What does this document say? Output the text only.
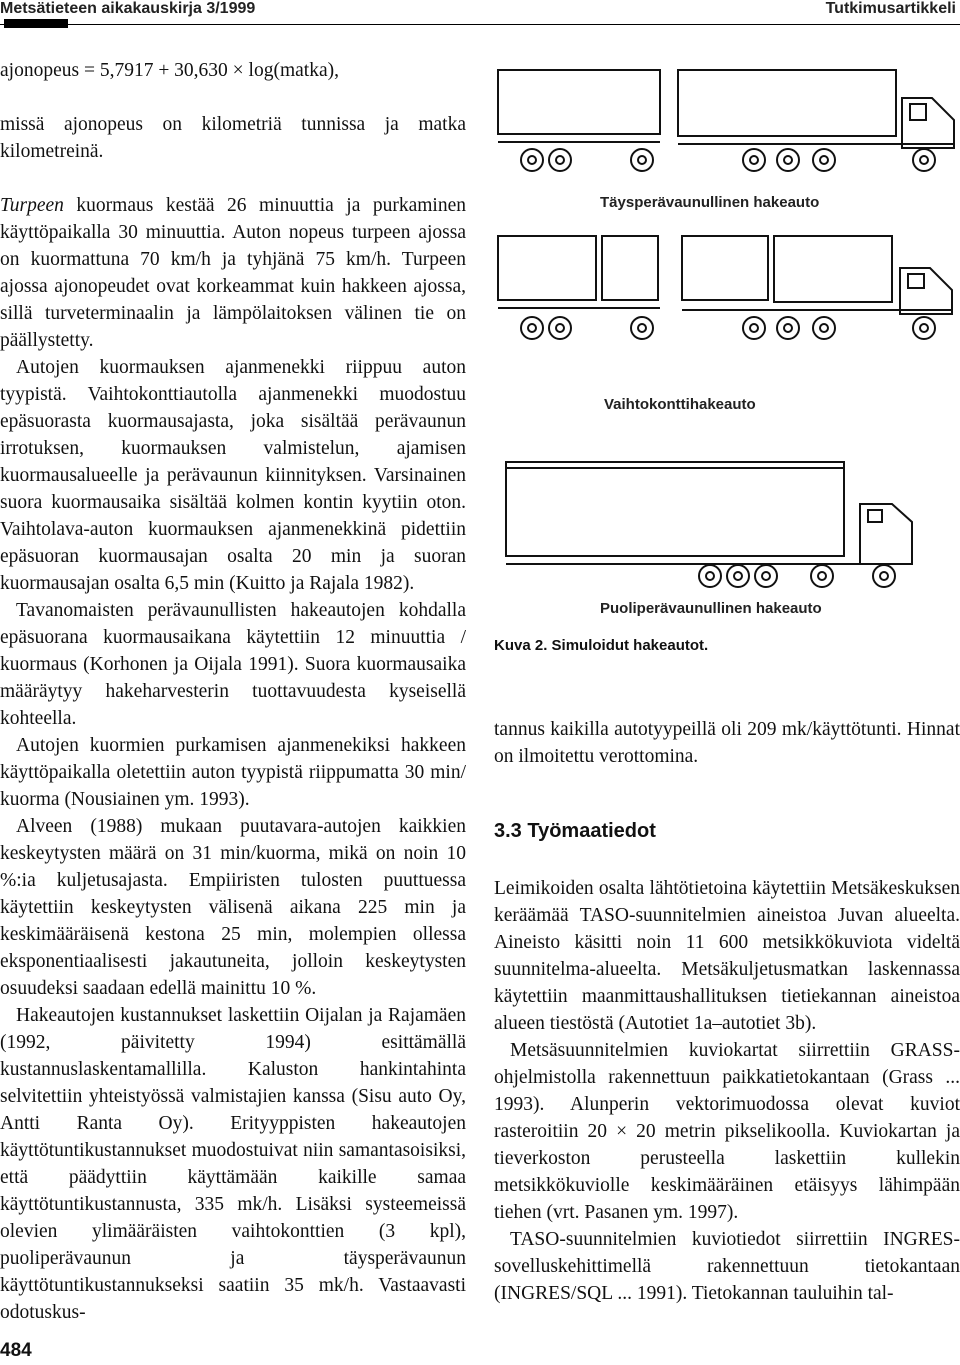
Metsätieteen aikakauskirja 3/1999	Tutkimusartikkeli

ajonopeus = 5,7917 + 30,630 × log(matka),

missä ajonopeus on kilometriä tunnissa ja matka kilometreinä.

Turpeen kuormaus kestää 26 minuuttia ja purkaminen käyttöpaikalla 30 minuuttia. Auton nopeus turpeen ajossa on kuormattuna 70 km/h ja tyhjänä 75 km/h. Turpeen ajossa ajonopeudet ovat korkeammat kuin hakkeen ajossa, sillä turveterminaalin ja lämpölaitoksen välinen tie on päällystetty.

Autojen kuormauksen ajanmenekki riippuu auton tyypistä. Vaihtokonttiautolla ajanmenekki muodostuu epäsuorasta kuormausajasta, joka sisältää perävaunun irrotuksen, kuormauksen valmistelun, ajamisen kuormausalueelle ja perävaunun kiinnityksen. Varsinainen suora kuormausaika sisältää kolmen kontin kyytiin oton. Vaihtolava-auton kuormauksen ajanmenekkinä pidettiin epäsuoran kuormausajan osalta 20 min ja suoran kuormausajan osalta 6,5 min (Kuitto ja Rajala 1982).

Tavanomaisten perävaunullisten hakeautojen kohdalla epäsuorana kuormausaikana käytettiin 12 minuuttia / kuormaus (Korhonen ja Oijala 1991). Suora kuormausaika määräytyy hakeharvesterin tuottavuudesta kyseisellä kohteella.

Autojen kuormien purkamisen ajanmenekiksi hakkeen käyttöpaikalla oletettiin auton tyypistä riippumatta 30 min/ kuorma (Nousiainen ym. 1993).

Alveen (1988) mukaan puutavara-autojen kaikkien keskeytysten määrä on 31 min/kuorma, mikä on noin 10 %:ia kuljetusajasta. Empiiristen tulosten puuttuessa käytettiin keskeytysten välisenä aikana 225 min ja keskimääräisenä kestona 25 min, molempien ollessa eksponentiaalisesti jakautuneita, jolloin keskeytysten osuudeksi saadaan edellä mainittu 10 %.

Hakeautojen kustannukset laskettiin Oijalan ja Rajamäen (1992, päivitetty 1994) esittämällä kustannuslaskentamallilla. Kaluston hankintahinta selvitettiin yhteistyössä valmistajien kanssa (Sisu auto Oy, Antti Ranta Oy). Erityyppisten hakeautojen käyttötuntikustannukset muodostuivat niin samantasoisiksi, että päädyttiin käyttämään kaikille samaa käyttötuntikustannusta, 335 mk/h. Lisäksi systeemeissä olevien ylimääräisten vaihtokonttien (3 kpl), puoliperävaunun ja täysperävaunun käyttötuntikustannukseksi saatiin 35 mk/h. Vastaavasti odotuskus-

Täysperävaunullinen hakeauto
Vaihtokonttihakeauto
Puoliperävaunullinen hakeauto
Kuva 2. Simuloidut hakeautot.

tannus kaikilla autotyypeillä oli 209 mk/käyttötunti. Hinnat on ilmoitettu verottomina.

3.3 Työmaatiedot

Leimikoiden osalta lähtötietoina käytettiin Metsäkeskuksen keräämää TASO-suunnitelmien aineistoa Juvan alueelta. Aineisto käsitti noin 11 600 metsikkökuviota videltä suunnitelma-alueelta. Metsäkuljetusmatkan laskennassa käytettiin maanmittaushallituksen tietiekannan aineistoa alueen tiestöstä (Autotiet 1a–autotiet 3b).

Metsäsuunnitelmien kuviokartat siirrettiin GRASS-ohjelmistolla rakennettuun paikkatietokantaan (Grass ... 1993). Alunperin vektorimuodossa olevat kuviot rasteroitiin 20 × 20 metrin pikselikoolla. Kuviokartan ja tieverkoston perusteella laskettiin kullekin metsikkökuviolle keskimääräinen etäisyys lähimpään tiehen (vrt. Pasanen ym. 1997).

TASO-suunnitelmien kuviotiedot siirrettiin INGRES-sovelluskehittimellä rakennettuun tietokantaan (INGRES/SQL ... 1991). Tietokannan tauluihin tal-

484
